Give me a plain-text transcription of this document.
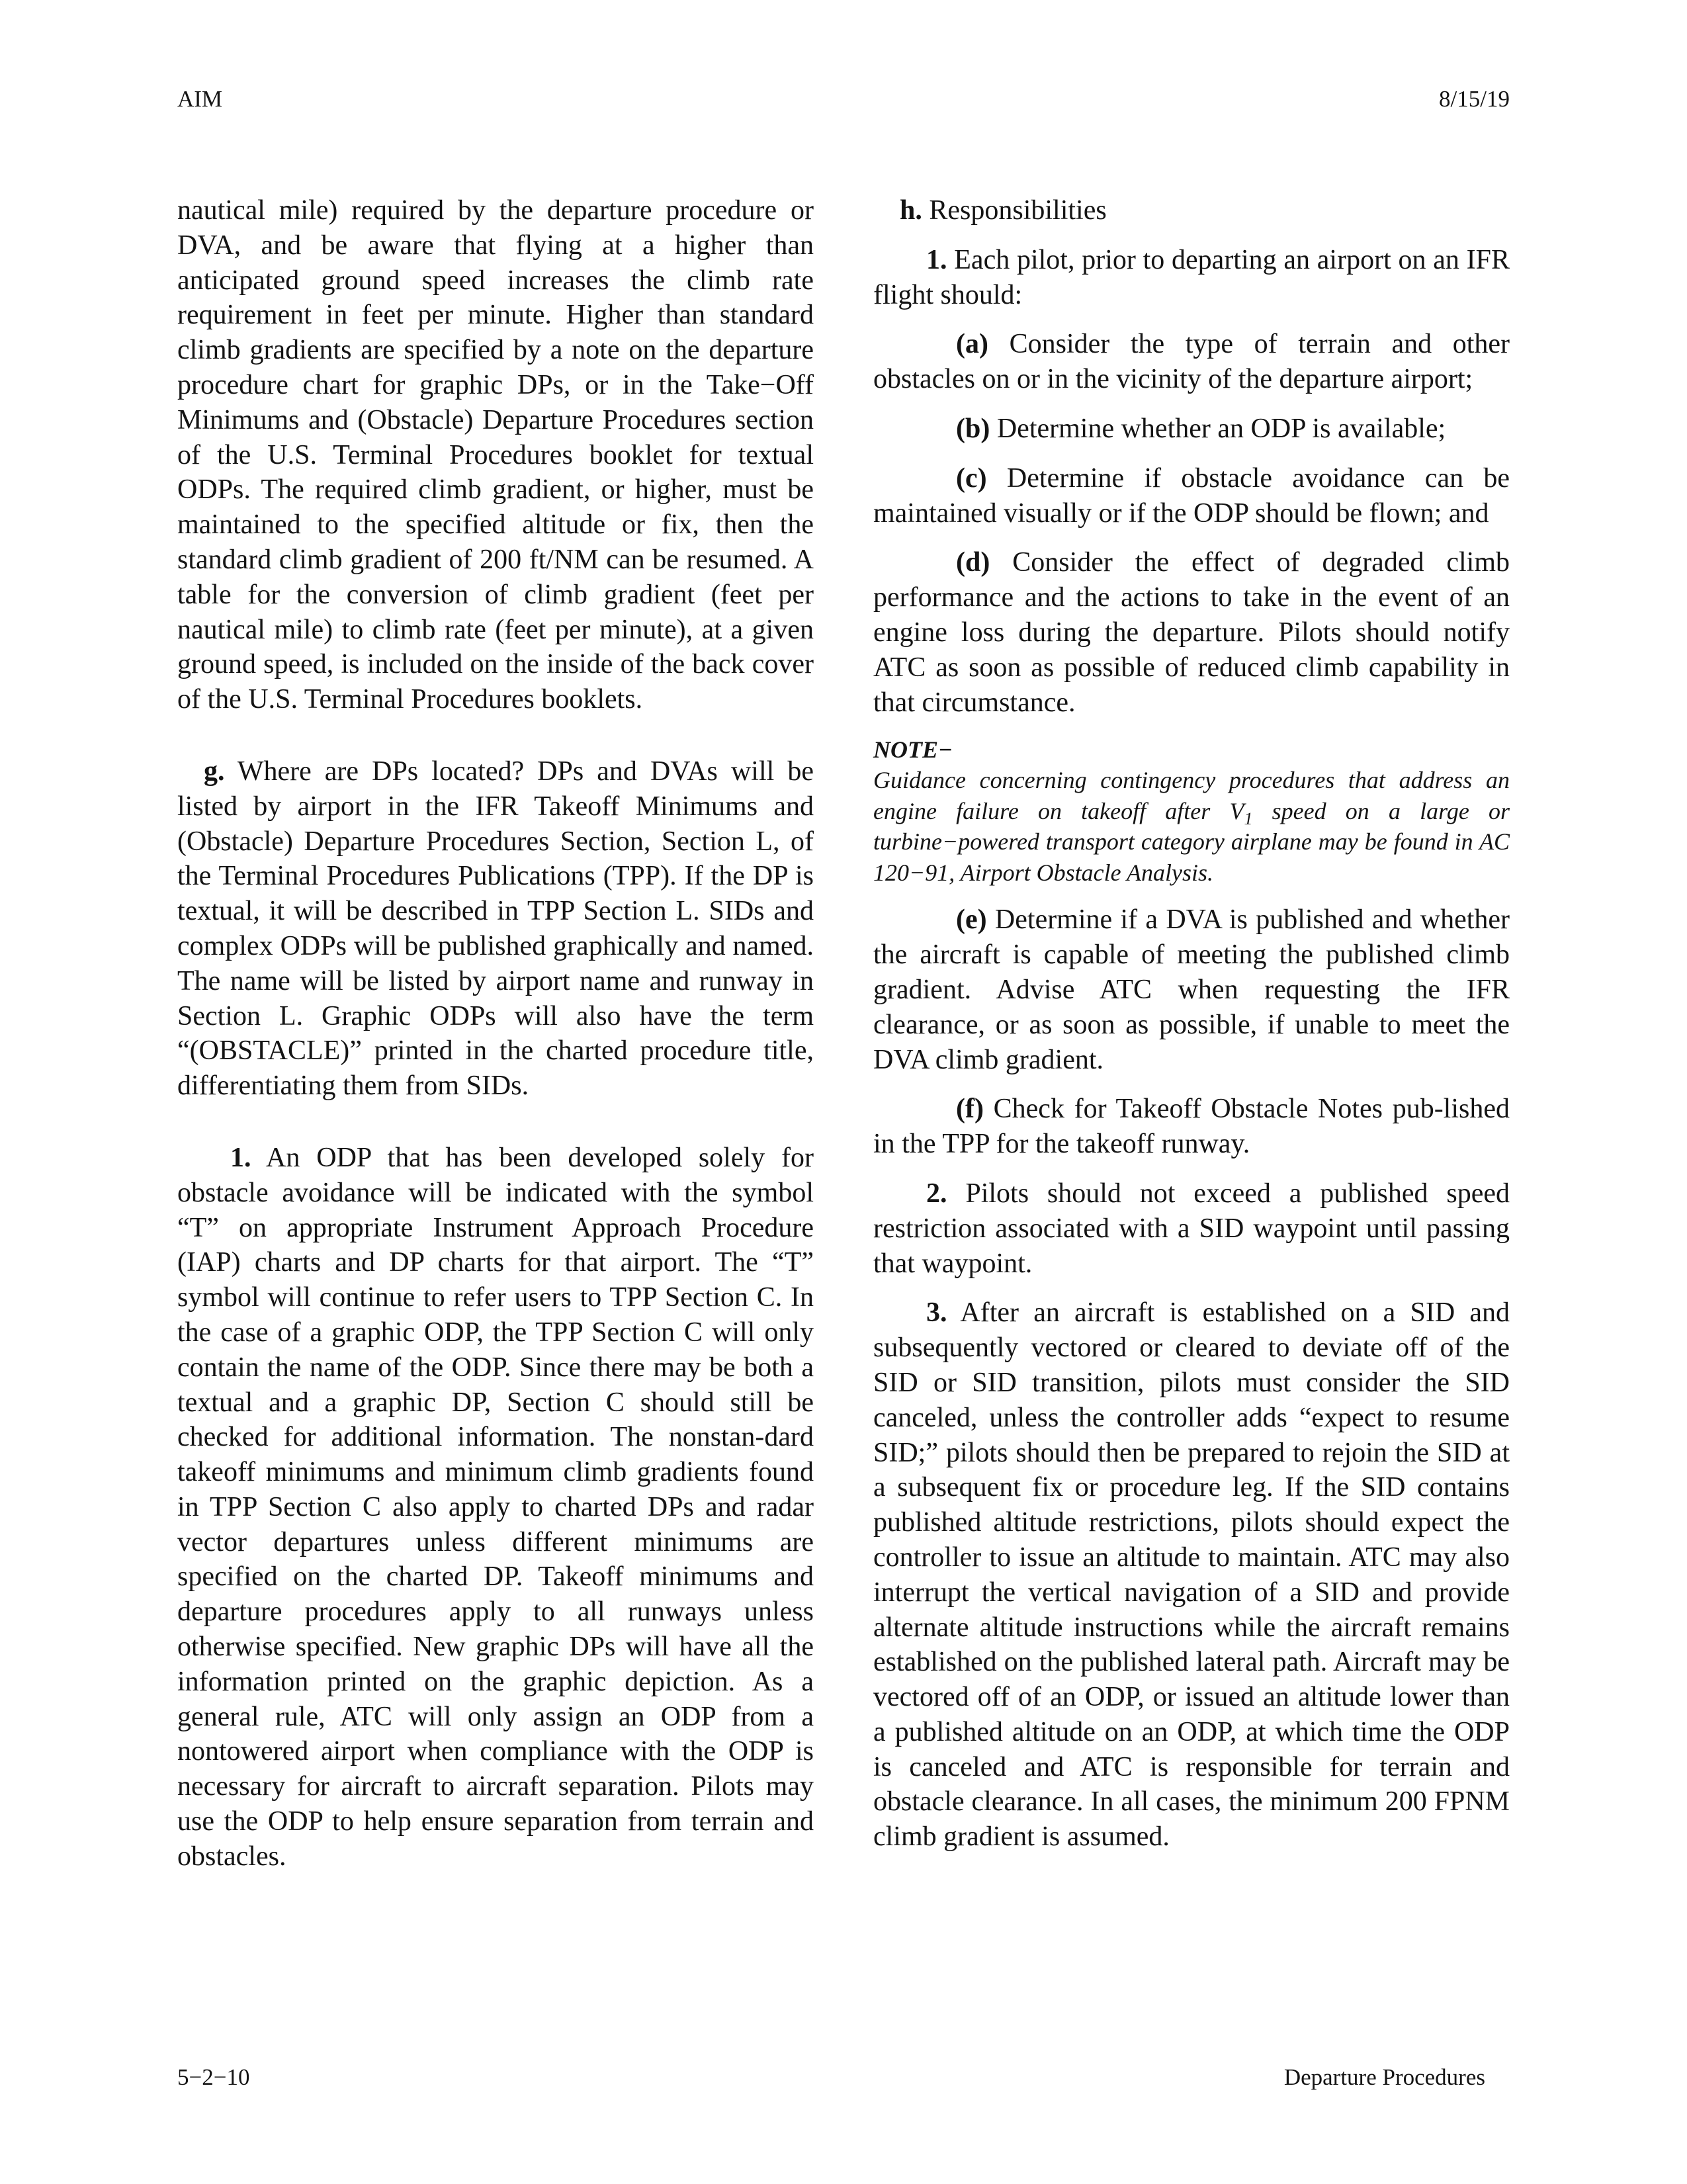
AIM	8/15/19

nautical mile) required by the departure procedure or DVA, and be aware that flying at a higher than anticipated ground speed increases the climb rate requirement in feet per minute. Higher than standard climb gradients are specified by a note on the departure procedure chart for graphic DPs, or in the Take−Off Minimums and (Obstacle) Departure Procedures section of the U.S. Terminal Procedures booklet for textual ODPs. The required climb gradient, or higher, must be maintained to the specified altitude or fix, then the standard climb gradient of 200 ft/NM can be resumed. A table for the conversion of climb gradient (feet per nautical mile) to climb rate (feet per minute), at a given ground speed, is included on the inside of the back cover of the U.S. Terminal Procedures booklets.

g. Where are DPs located? DPs and DVAs will be listed by airport in the IFR Takeoff Minimums and (Obstacle) Departure Procedures Section, Section L, of the Terminal Procedures Publications (TPP). If the DP is textual, it will be described in TPP Section L. SIDs and complex ODPs will be published graphically and named. The name will be listed by airport name and runway in Section L. Graphic ODPs will also have the term “(OBSTACLE)” printed in the charted procedure title, differentiating them from SIDs.

1. An ODP that has been developed solely for obstacle avoidance will be indicated with the symbol “T” on appropriate Instrument Approach Procedure (IAP) charts and DP charts for that airport. The “T” symbol will continue to refer users to TPP Section C. In the case of a graphic ODP, the TPP Section C will only contain the name of the ODP. Since there may be both a textual and a graphic DP, Section C should still be checked for additional information. The nonstan-dard takeoff minimums and minimum climb gradients found in TPP Section C also apply to charted DPs and radar vector departures unless different minimums are specified on the charted DP. Takeoff minimums and departure procedures apply to all runways unless otherwise specified. New graphic DPs will have all the information printed on the graphic depiction. As a general rule, ATC will only assign an ODP from a nontowered airport when compliance with the ODP is necessary for aircraft to aircraft separation. Pilots may use the ODP to help ensure separation from terrain and obstacles.

h. Responsibilities

1. Each pilot, prior to departing an airport on an IFR flight should:

(a) Consider the type of terrain and other obstacles on or in the vicinity of the departure airport;

(b) Determine whether an ODP is available;

(c) Determine if obstacle avoidance can be maintained visually or if the ODP should be flown; and

(d) Consider the effect of degraded climb performance and the actions to take in the event of an engine loss during the departure. Pilots should notify ATC as soon as possible of reduced climb capability in that circumstance.

NOTE−

Guidance concerning contingency procedures that address an engine failure on takeoff after $V_1$ speed on a large or turbine−powered transport category airplane may be found in AC 120−91, Airport Obstacle Analysis.

(e) Determine if a DVA is published and whether the aircraft is capable of meeting the published climb gradient. Advise ATC when requesting the IFR clearance, or as soon as possible, if unable to meet the DVA climb gradient.

(f) Check for Takeoff Obstacle Notes pub-lished in the TPP for the takeoff runway.

2. Pilots should not exceed a published speed restriction associated with a SID waypoint until passing that waypoint.

3. After an aircraft is established on a SID and subsequently vectored or cleared to deviate off of the SID or SID transition, pilots must consider the SID canceled, unless the controller adds “expect to resume SID;” pilots should then be prepared to rejoin the SID at a subsequent fix or procedure leg. If the SID contains published altitude restrictions, pilots should expect the controller to issue an altitude to maintain. ATC may also interrupt the vertical navigation of a SID and provide alternate altitude instructions while the aircraft remains established on the published lateral path. Aircraft may be vectored off of an ODP, or issued an altitude lower than a published altitude on an ODP, at which time the ODP is canceled and ATC is responsible for terrain and obstacle clearance. In all cases, the minimum 200 FPNM climb gradient is assumed.

5−2−10	Departure Procedures
